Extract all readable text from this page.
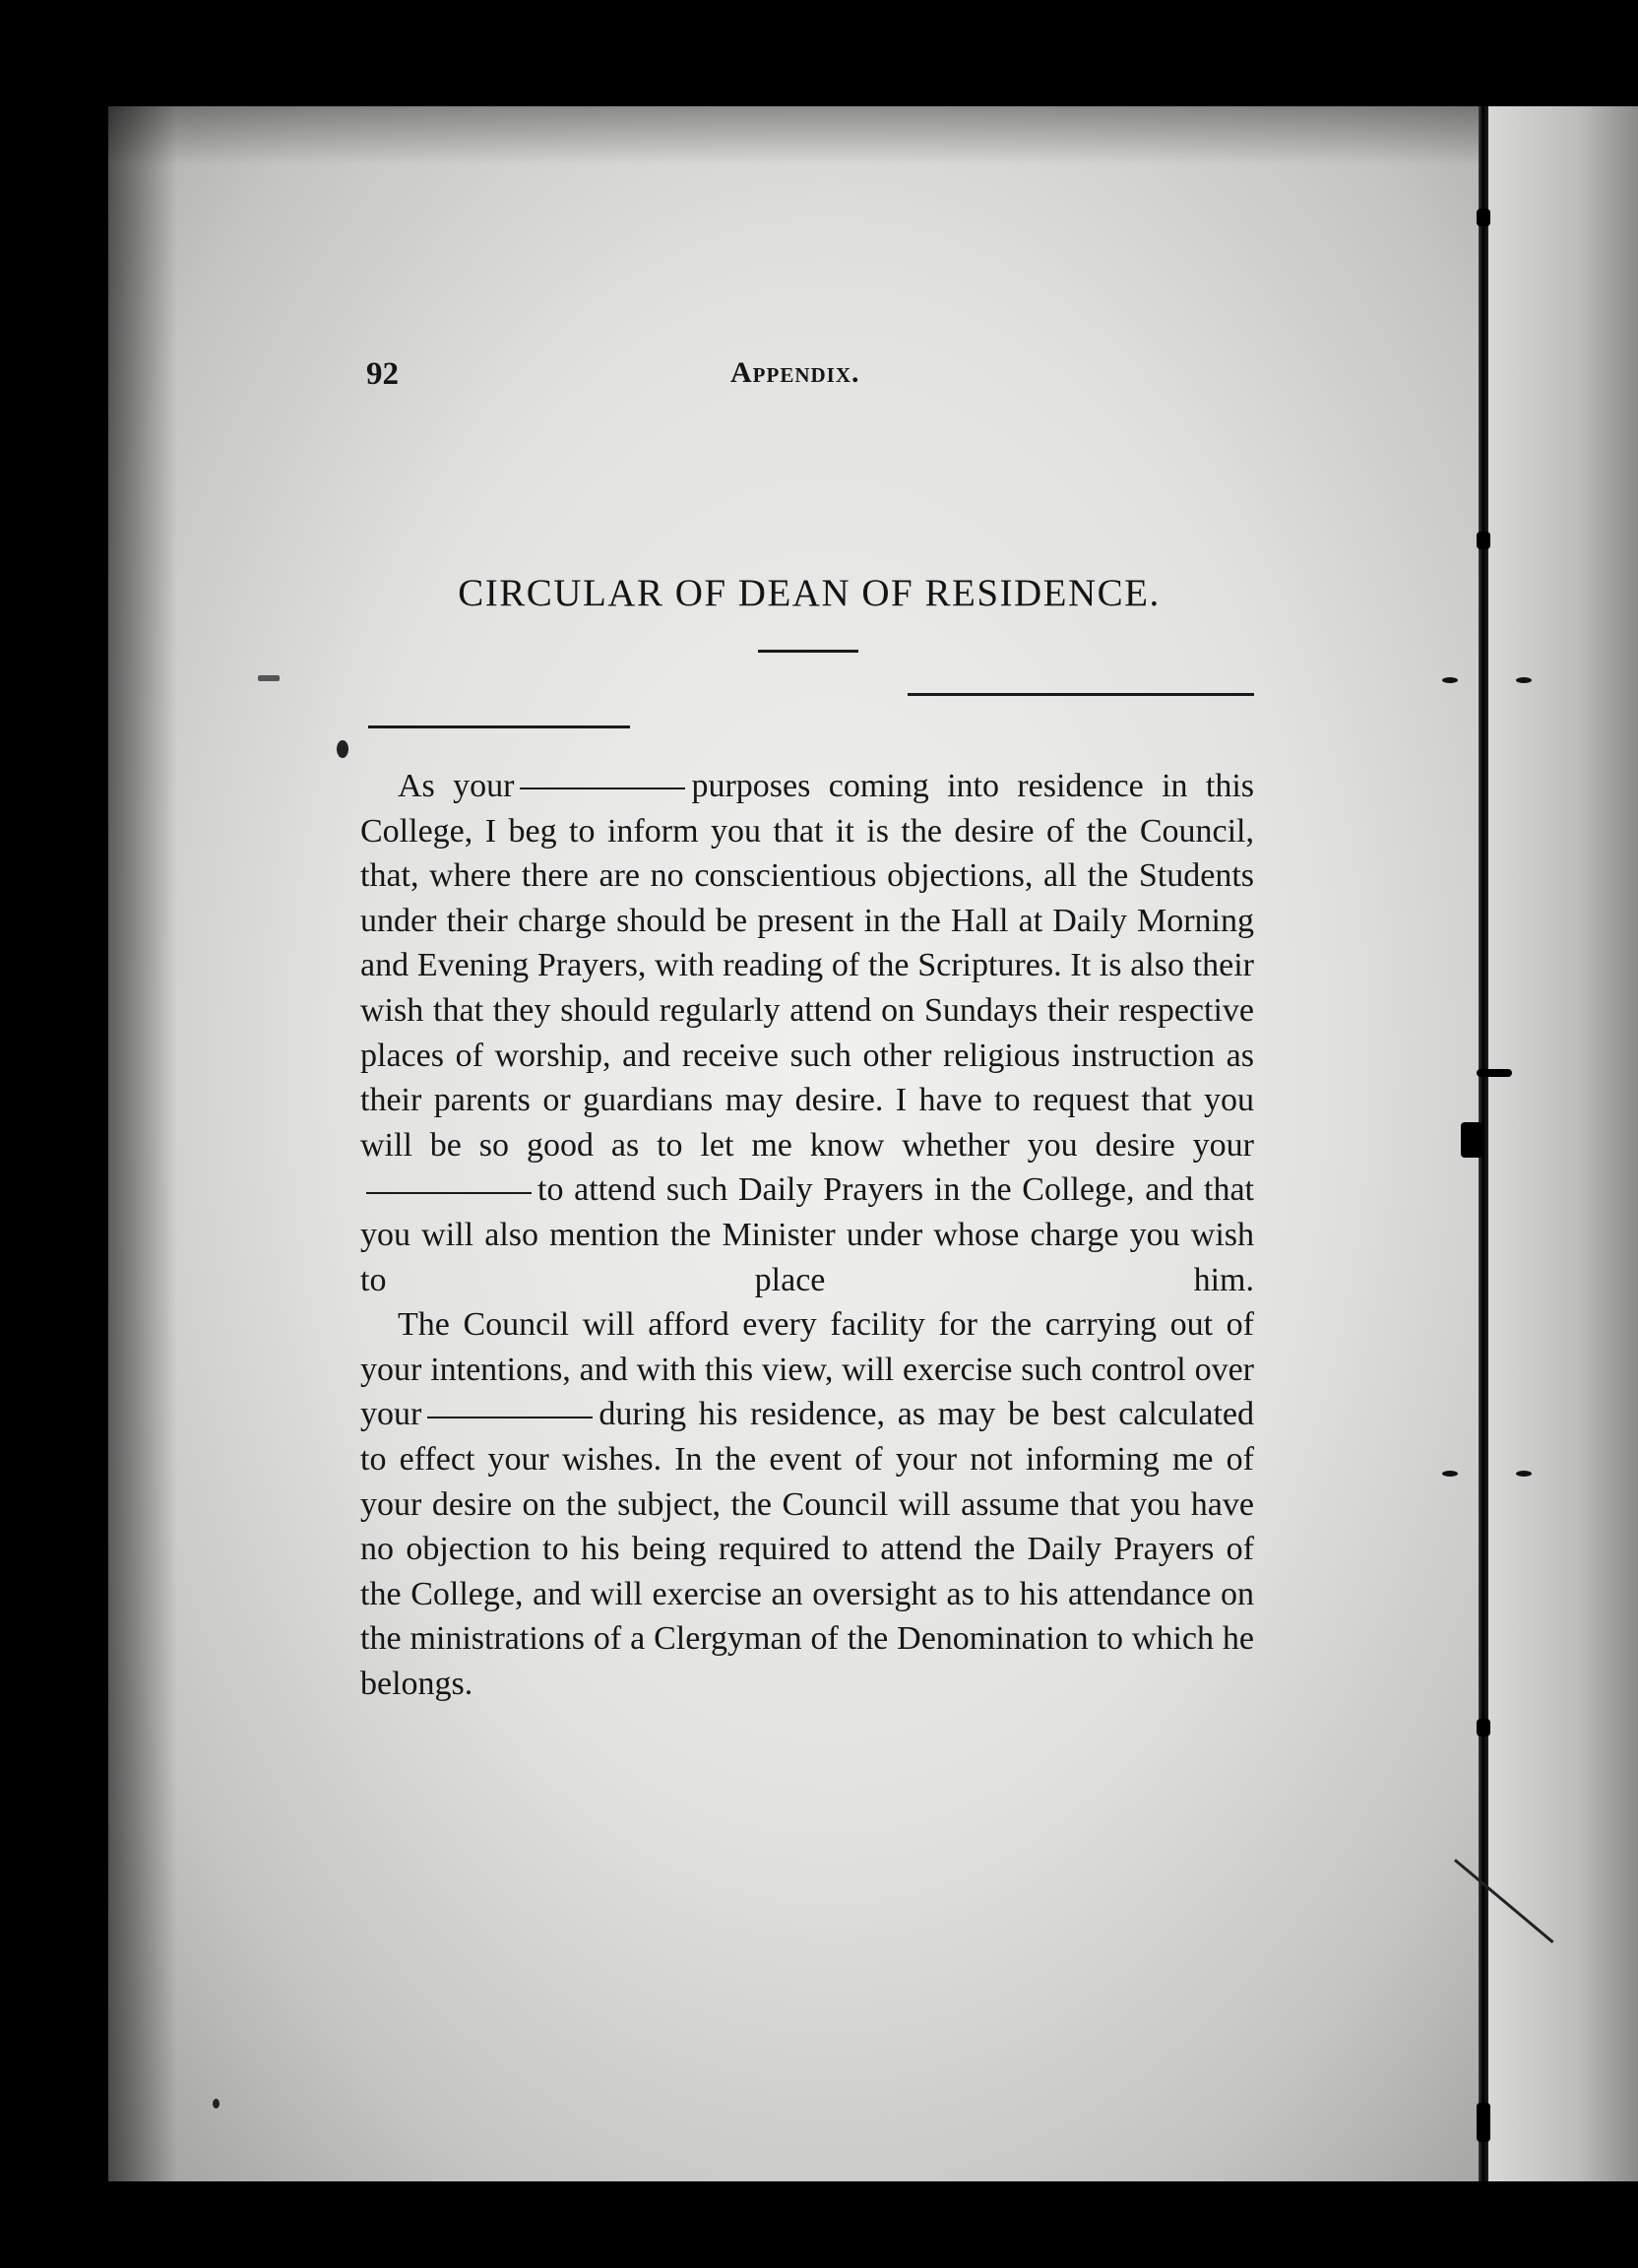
92	Appendix.
CIRCULAR OF DEAN OF RESIDENCE.

As your	purposes coming into residence in this College, I beg to inform you that it is the desire of the Council, that, where there are no conscientious objections, all the Students under their charge should be present in the Hall at Daily Morning and Evening Prayers, with reading of the Scriptures. It is also their wish that they should regularly attend on Sundays their respective places of worship, and receive such other religious instruction as their parents or guardians may desire. I have to request that you will be so good as to let me know whether you desire yourto attend such Daily Prayers in the College, and that you will also mention the Minister under whose charge you wish to place him.

The Council will afford every facility for the carrying out of your intentions, and with this view, will exercise such control over your	during his residence, as may be best calculated to effect your wishes. In the event of your not informing me of your desire on the subject, the Council will assume that you have no objection to his being required to attend the Daily Prayers of the College, and will exercise an oversight as to his attendance on the ministrations of a Clergyman of the Denomination to which he belongs.
